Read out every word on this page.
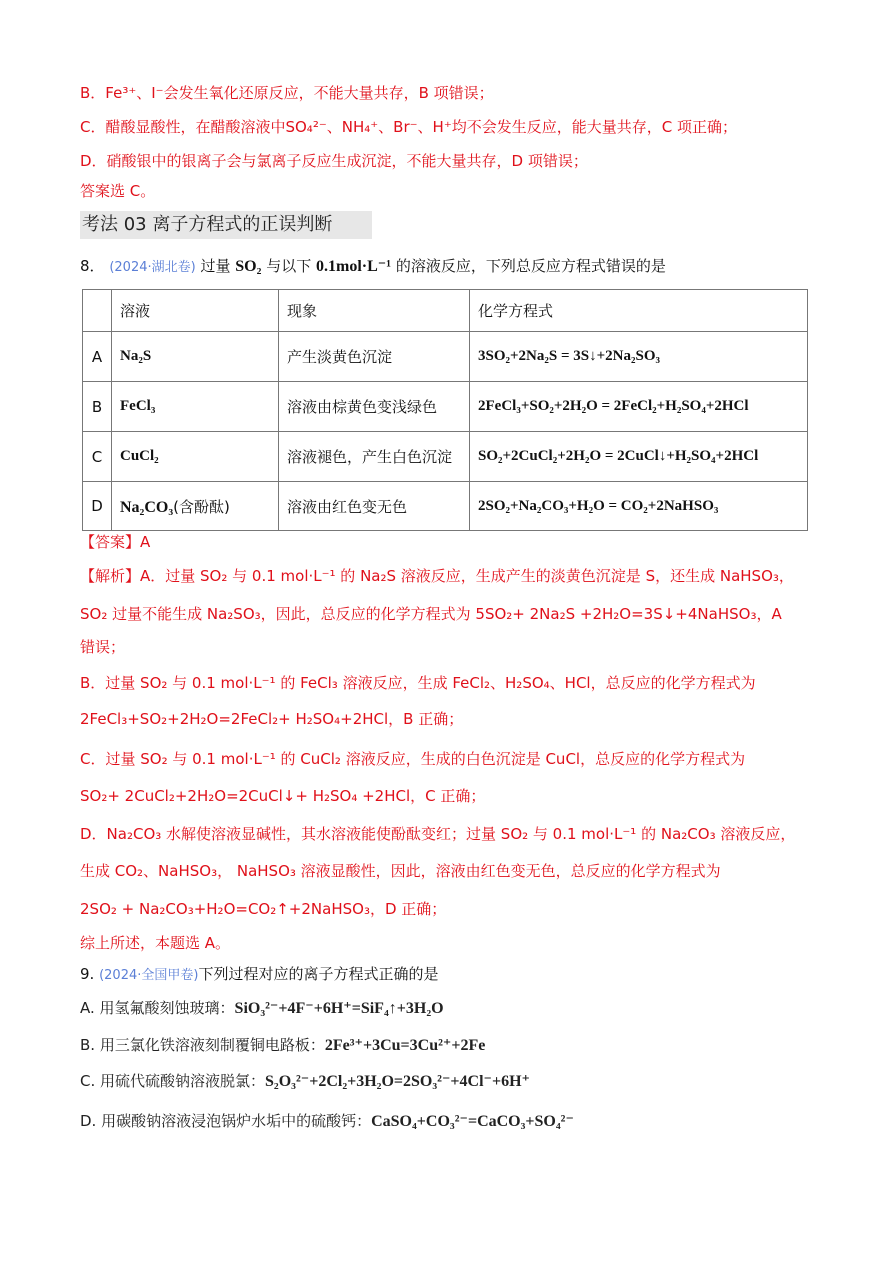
B．Fe³⁺、I⁻会发生氧化还原反应，不能大量共存，B 项错误；
C．醋酸显酸性，在醋酸溶液中SO₄²⁻、NH₄⁺、Br⁻、H⁺均不会发生反应，能大量共存，C 项正确；
D．硝酸银中的银离子会与氯离子反应生成沉淀，不能大量共存，D 项错误；
答案选 C。
考法 03 离子方程式的正误判断
8． (2024·湖北卷) 过量 SO₂ 与以下 0.1mol·L⁻¹ 的溶液反应，下列总反应方程式错误的是
	溶液	现象	化学方程式
A	Na₂S	产生淡黄色沉淀	3SO₂+2Na₂S = 3S↓+2Na₂SO₃
B	FeCl₃	溶液由棕黄色变浅绿色	2FeCl₃+SO₂+2H₂O = 2FeCl₂+H₂SO₄+2HCl
C	CuCl₂	溶液褪色，产生白色沉淀	SO₂+2CuCl₂+2H₂O = 2CuCl↓+H₂SO₄+2HCl
D	Na₂CO₃(含酚酞)	溶液由红色变无色	2SO₂+Na₂CO₃+H₂O = CO₂+2NaHSO₃
【答案】A
【解析】A．过量 SO₂ 与 0.1 mol·L⁻¹ 的 Na₂S 溶液反应，生成产生的淡黄色沉淀是 S，还生成 NaHSO₃，
SO₂ 过量不能生成 Na₂SO₃，因此，总反应的化学方程式为 5SO₂+ 2Na₂S +2H₂O=3S↓+4NaHSO₃，A
错误；
B．过量 SO₂ 与 0.1 mol·L⁻¹ 的 FeCl₃ 溶液反应，生成 FeCl₂、H₂SO₄、HCl，总反应的化学方程式为
2FeCl₃+SO₂+2H₂O=2FeCl₂+ H₂SO₄+2HCl，B 正确；
C．过量 SO₂ 与 0.1 mol·L⁻¹ 的 CuCl₂ 溶液反应，生成的白色沉淀是 CuCl，总反应的化学方程式为
SO₂+ 2CuCl₂+2H₂O=2CuCl↓+ H₂SO₄ +2HCl，C 正确；
D．Na₂CO₃ 水解使溶液显碱性，其水溶液能使酚酞变红；过量 SO₂ 与 0.1 mol·L⁻¹ 的 Na₂CO₃ 溶液反应，
生成 CO₂、NaHSO₃， NaHSO₃ 溶液显酸性，因此，溶液由红色变无色，总反应的化学方程式为
2SO₂ + Na₂CO₃+H₂O=CO₂↑+2NaHSO₃，D 正确；
综上所述，本题选 A。
9. (2024·全国甲卷)下列过程对应的离子方程式正确的是
A. 用氢氟酸刻蚀玻璃：SiO₃²⁻+4F⁻+6H⁺=SiF₄↑+3H₂O
B. 用三氯化铁溶液刻制覆铜电路板：2Fe³⁺+3Cu=3Cu²⁺+2Fe
C. 用硫代硫酸钠溶液脱氯：S₂O₃²⁻+2Cl₂+3H₂O=2SO₃²⁻+4Cl⁻+6H⁺
D. 用碳酸钠溶液浸泡锅炉水垢中的硫酸钙：CaSO₄+CO₃²⁻=CaCO₃+SO₄²⁻
